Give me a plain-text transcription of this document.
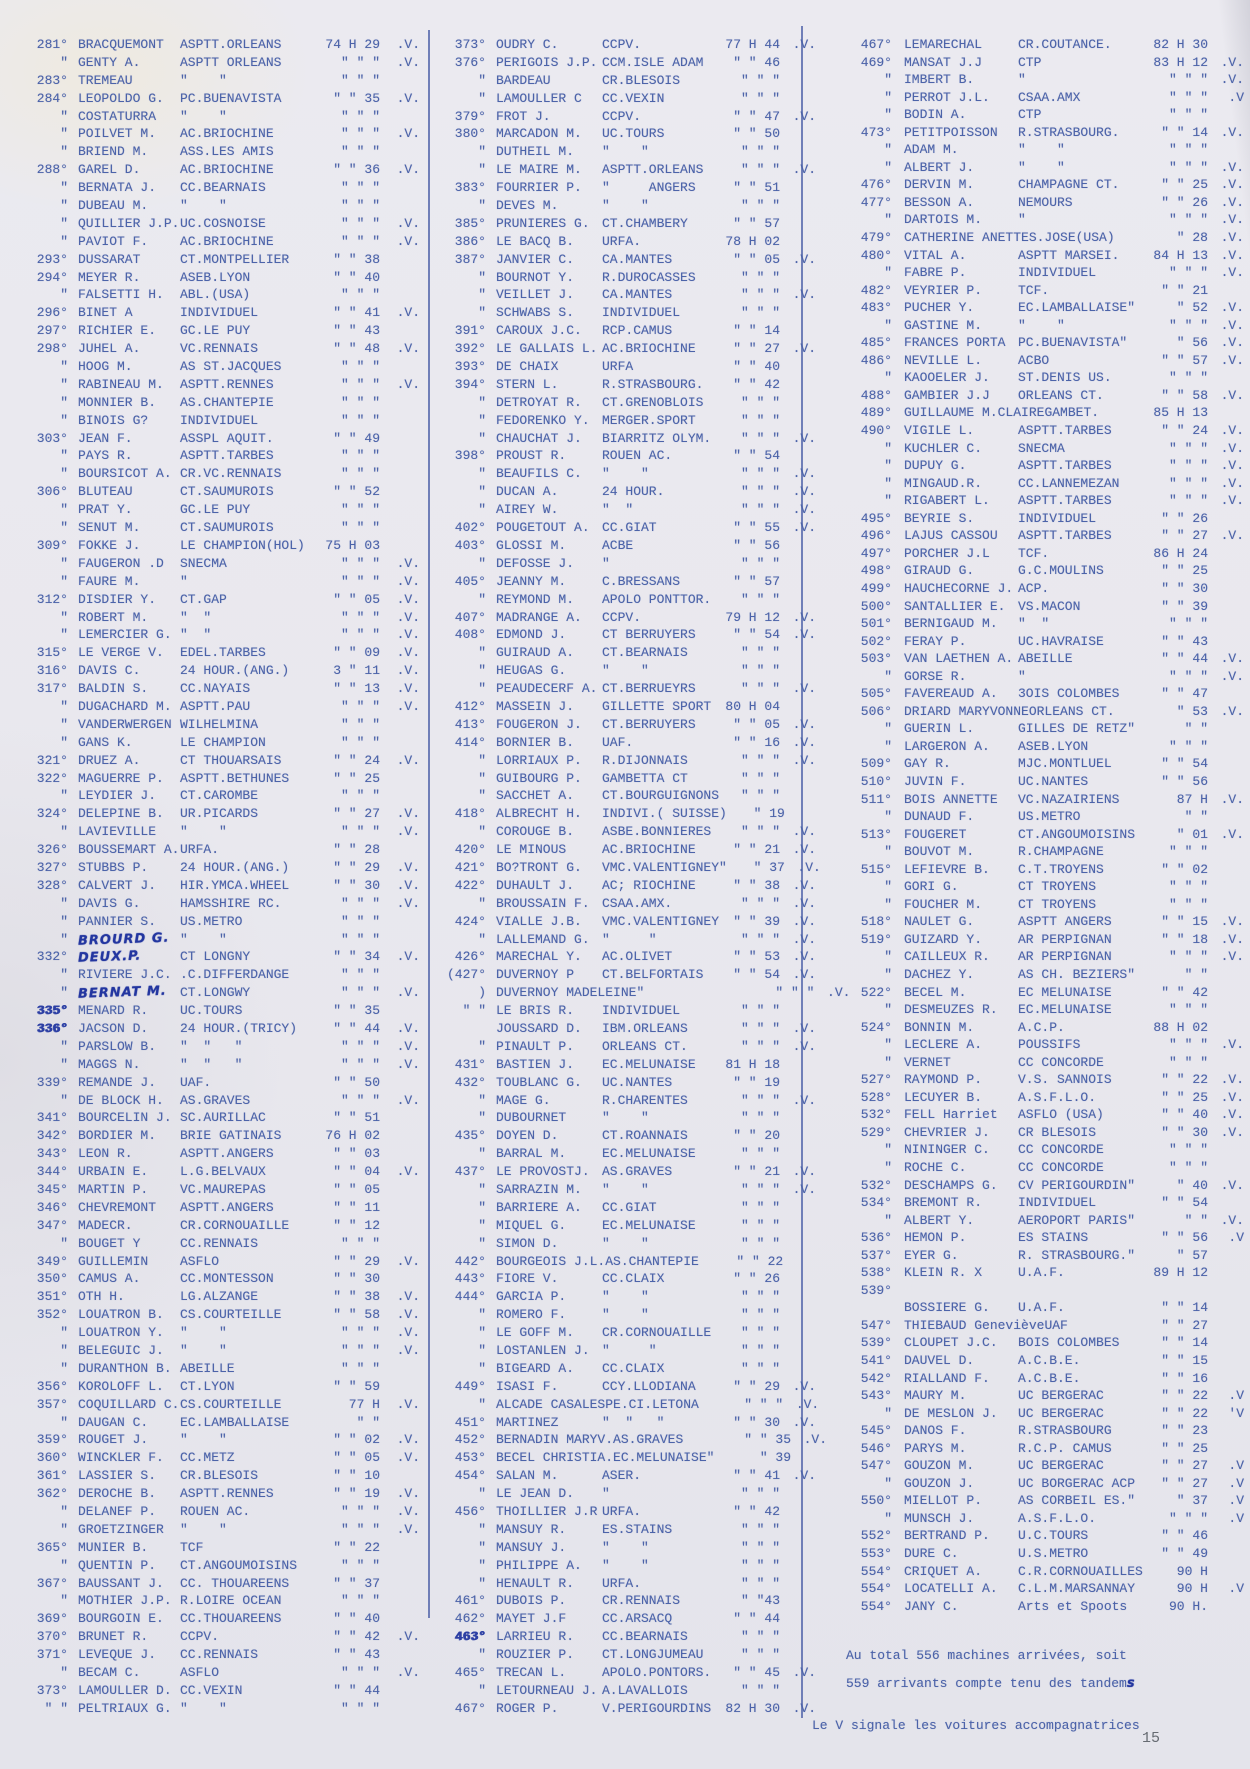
281° BRACQUEMONT	ASPTT.ORLEANS	74 H 29	.V.
" GENTY A.	ASPTT ORLEANS	" " "	.V.
283° TREMEAU	"    "	" " "
284° LEOPOLDO G.	PC.BUENAVISTA	" " 35	.V.
" COSTATURRA	"    "	" " "
" POILVET M.	AC.BRIOCHINE	" " "	.V.
" BRIEND M.	ASS.LES AMIS	" " "
288° GAREL D.	AC.BRIOCHINE	" " 36	.V.
" BERNATA J.	CC.BEARNAIS	" " "
" DUBEAU M.	"    "	" " "
" QUILLIER J.P. UC.COSNOISE	" " "	.V.
" PAVIOT F.	AC.BRIOCHINE	" " "	.V.
293° DUSSARAT	CT.MONTPELLIER	" " 38
294° MEYER R.	ASEB.LYON	" " 40
" FALSETTI H.	ABL.(USA)	" " "
296° BINET A	INDIVIDUEL	" " 41	.V.
297° RICHIER E.	GC.LE PUY	" " 43
298° JUHEL A.	VC.RENNAIS	" " 48	.V.
" HOOG M.	AS ST.JACQUES	" " "
" RABINEAU M.	ASPTT.RENNES	" " "	.V.
" MONNIER B.	AS.CHANTEPIE	" " "
" BINOIS G?	INDIVIDUEL	" " "
303° JEAN F.	ASSPL AQUIT.	" " 49
" PAYS R.	ASPTT.TARBES	" " "
" BOURSICOT A. CR.VC.RENNAIS	" " "
306° BLUTEAU	CT.SAUMUROIS	" " 52
" PRAT Y.	GC.LE PUY	" " "
" SENUT M.	CT.SAUMUROIS	" " "
309° FOKKE J.	LE CHAMPION(HOL)	75 H 03
" FAUGERON .D	SNECMA	" " "	.V.
" FAURE M.	"	" " "	.V.
312° DISDIER Y.	CT.GAP	" " 05	.V.
" ROBERT M.	"  "	" " "	.V.
" LEMERCIER G. "  "	" " "	.V.
315° LE VERGE V.	EDEL.TARBES	" " 09	.V.
316° DAVIS C.	24 HOUR.(ANG.)	3 " 11	.V.
317° BALDIN S.	CC.NAYAIS	" " 13	.V.
" DUGACHARD M. ASPTT.PAU	" " "	.V.
" VANDERWERGEN WILHELMINA	" " "
" GANS K.	LE CHAMPION	" " "
321° DRUEZ A.	CT THOUARSAIS	" " 24	.V.
322° MAGUERRE P.	ASPTT.BETHUNES	" " 25
" LEYDIER J.	CT.CAROMBE	" " "
324° DELEPINE B.	UR.PICARDS	" " 27	.V.
" LAVIEVILLE	"    "	" " "	.V.
326° BOUSSEMART A. URFA.	" " 28
327° STUBBS P.	24 HOUR.(ANG.)	" " 29	.V.
328° CALVERT J.	HIR.YMCA.WHEEL	" " 30	.V.
" DAVIS G.	HAMSSHIRE RC.	" " "	.V.
" PANNIER S.	US.METRO	" " "
" BROURD G. "    "	" " "
332° DEUX.P.	CT LONGNY	" " 34	.V.
" RIVIERE J.C. .C.DIFFERDANGE	" " "
" BERNAT M.	CT.LONGWY	" " "	.V.
335° MENARD R.	UC.TOURS	" " 35
336° JACSON D.	24 HOUR.(TRICY)	" " 44	.V.
" PARSLOW B.	"  "   "	" " "	.V.
" MAGGS N.	"  "   "	" " "	.V.
339° REMANDE J.	UAF.	" " 50
" DE BLOCK H.	AS.GRAVES	" " "	.V.
341° BOURCELIN J. SC.AURILLAC	" " 51
342° BORDIER M.	BRIE GATINAIS	76 H 02
343° LEON R.	ASPTT.ANGERS	" " 03
344° URBAIN E.	L.G.BELVAUX	" " 04	.V.
345° MARTIN P.	VC.MAUREPAS	" " 05
346° CHEVREMONT	ASPTT.ANGERS	" " 11
347° MADECR.	CR.CORNOUAILLE	" " 12
" BOUGET Y	CC.RENNAIS	" " "
349° GUILLEMIN	ASFLO	" " 29	.V.
350° CAMUS A.	CC.MONTESSON	" " 30
351° OTH H.	LG.ALZANGE	" " 38	.V.
352° LOUATRON B.	CS.COURTEILLE	" " 58	.V.
" LOUATRON Y.	"    "	" " "	.V.
" BELEGUIC J.	"    "	" " "	.V.
" DURANTHON B. ABEILLE	" " "
356° KOROLOFF L.	CT.LYON	" " 59
357° COQUILLARD C. CS.COURTEILLE	77 H	.V.
" DAUGAN C.	EC.LAMBALLAISE	" "
359° ROUGET J.	"    "	" " 02	.V.
360° WINCKLER F.	CC.METZ	" " 05	.V.
361° LASSIER S.	CR.BLESOIS	" " 10
362° DEROCHE B.	ASPTT.RENNES	" " 19	.V.
" DELANEF P.	ROUEN AC.	" " "	.V.
" GROETZINGER	"    "	" " "	.V.
365° MUNIER B.	TCF	" " 22
" QUENTIN P.	CT.ANGOUMOISINS	" " "
367° BAUSSANT J.	CC. THOUAREENS	" " 37
" MOTHIER J.P. R.LOIRE OCEAN	" " "
369° BOURGOIN E.	CC.THOUAREENS	" " 40
370° BRUNET R.	CCPV.	" " 42	.V.
371° LEVEQUE J.	CC.RENNAIS	" " 43
" BECAM C.	ASFLO	" " "	.V.
373° LAMOULLER D. CC.VEXIN	" " 44
" " PELTRIAUX G. "    "	" " "
373° OUDRY C.	CCPV.	77 H 44 .V.
376° PERIGOIS J.P. CCM.ISLE ADAM	" " 46
" BARDEAU	CR.BLESOIS	" " "
" LAMOULLER C	CC.VEXIN	" " "
379° FROT J.	CCPV.	" " 47 .V.
380° MARCADON M.	UC.TOURS	" " 50
" DUTHEIL M.	"    "	" " "
" LE MAIRE M.	ASPTT.ORLEANS	" " " .V.
383° FOURRIER P.	"     ANGERS	" " 51
" DEVES M.	"    "	" " "
385° PRUNIERES G. CT.CHAMBERY	" " 57
386° LE BACQ B.	URFA.	78 H 02
387° JANVIER C.	CA.MANTES	" " 05 .V.
" BOURNOT Y.	R.DUROCASSES	" " "
" VEILLET J.	CA.MANTES	" " " .V.
" SCHWABS S.	INDIVIDUEL	" " "
391° CAROUX J.C.	RCP.CAMUS	" " 14
392° LE GALLAIS L. AC.BRIOCHINE	" " 27 .V.
393° DE CHAIX	URFA	" " 40
394° STERN L.	R.STRASBOURG.	" " 42
" DETROYAT R.	CT.GRENOBLOIS	" " "
" FEDORENKO Y. MERGER.SPORT	" " "
" CHAUCHAT J.	BIARRITZ OLYM.	" " " .V.
398° PROUST R.	ROUEN AC.	" " 54
" BEAUFILS C.	"    "	" " " .V.
" DUCAN A.	24 HOUR.	" " " .V.
" AIREY W.	"  "	" " " .V.
402° POUGETOUT A. CC.GIAT	" " 55 .V.
403° GLOSSI M.	ACBE	" " 56
" DEFOSSE J.	"	" " "
405° JEANNY M.	C.BRESSANS	" " 57
" REYMOND M.	APOLO PONTTOR.	" " "
407° MADRANGE A.	CCPV.	79 H 12 .V.
408° EDMOND J.	CT BERRUYERS	" " 54 .V.
" GUIRAUD A.	CT.BEARNAIS	" " "
" HEUGAS G.	"    "	" " "
" PEAUDECERF A. CT.BERRUEYRS	" " " .V.
412° MASSEIN J.	GILLETTE SPORT	80 H 04
413° FOUGERON J.	CT.BERRUYERS	" " 05 .V.
414° BORNIER B.	UAF.	" " 16 .V.
" LORRIAUX P.	R.DIJONNAIS	" " " .V.
" GUIBOURG P.	GAMBETTA CT	" " "
" SACCHET A.	CT.BOURGUIGNONS	" " "
418° ALBRECHT H.	INDIVI.( SUISSE)	" 19
" COROUGE B.	ASBE.BONNIERES	" " " .V.
420° LE MINOUS	AC.BRIOCHINE	" " 21 .V.
421° BO?TRONT G.	VMC.VALENTIGNEY"	" 37 .V.
422° DUHAULT J.	AC; RIOCHINE	" " 38 .V.
" BROUSSAIN F. CSAA.AMX.	" " " .V.
424° VIALLE J.B.	VMC.VALENTIGNEY	" " 39 .V.
" LALLEMAND G. "     "	" " " .V.
426° MARECHAL Y.	AC.OLIVET	" " 53 .V.
(427° DUVERNOY P	CT.BELFORTAIS	" " 54 .V.
) DUVERNOY MADELEINE "	" " " .V.
" " LE BRIS R.	INDIVIDUEL	" " "
JOUSSARD D.	IBM.ORLEANS	" " " .V.
" PINAULT P.	ORLEANS CT.	" " " .V.
431° BASTIEN J.	EC.MELUNAISE	81 H 18
432° TOUBLANC G.	UC.NANTES	" " 19
" MAGE G.	R.CHARENTES	" " " .V.
" DUBOURNET	"    "	" " "
435° DOYEN D.	CT.ROANNAIS	" " 20
" BARRAL M.	EC.MELUNAISE	" " "
437° LE PROVOSTJ. AS.GRAVES	" " 21 .V.
" SARRAZIN M.	"    "	" " " .V.
" BARRIERE A.	CC.GIAT	" " "
" MIQUEL G.	EC.MELUNAISE	" " "
" SIMON D.	"    "	" " "
442° BOURGEOIS J.L. AS.CHANTEPIE	" " 22
443° FIORE V.	CC.CLAIX	" " 26
444° GARCIA P.	"    "	" " "
" ROMERO F.	"    "	" " "
" LE GOFF M.	CR.CORNOUAILLE	" " "
" LOSTANLEN J. "     "	" " "
" BIGEARD A.	CC.CLAIX	" " "
449° ISASI F.	CCY.LLODIANA	" " 29 .V.
" ALCADE CASALES PE.CI.LETONA	" " " .V.
451° MARTINEZ	"  "   "	" " 30 .V.
452° BERNADIN MARYV. AS.GRAVES	" " 35 .V.
453° BECEL CHRISTIA. EC.MELUNAISE"	" 39
454° SALAN M.	ASER.	" " 41 .V.
" LE JEAN D.	"	" " "
456° THOILLIER J.R URFA.	" " 42
" MANSUY R.	ES.STAINS	" " "
" MANSUY J.	"    "	" " "
" PHILIPPE A.	"    "	" " "
" HENAULT R.	URFA.	" " "
461° DUBOIS P.	CR.RENNAIS	" "43
462° MAYET J.F	CC.ARSACQ	" " 44
463° LARRIEU R.	CC.BEARNAIS	" " "
" ROUZIER P.	CT.LONGJUMEAU	" " "
465° TRECAN L.	APOLO.PONTORS.	" " 45 .V.
" LETOURNEAU J. A.LAVALLOIS	" " "
467° ROGER P.	V.PERIGOURDINS	82 H 30 .V.
467° LEMARECHAL	CR.COUTANCE.	82 H 30
469° MANSAT J.J	CTP	83 H 12 .V.
" IMBERT B.	"	" " " .V.
" PERROT J.L.	CSAA.AMX	" " "	.V
" BODIN A.	CTP	" " "
473° PETITPOISSON	R.STRASBOURG.	" " 14 .V.
" ADAM M.	"    "	" " "
" ALBERT J.	"    "	" " " .V.
476° DERVIN M.	CHAMPAGNE CT.	" " 25 .V.
477° BESSON A.	NEMOURS	" " 26 .V.
" DARTOIS M.	"	" " " .V.
479° CATHERINE ANETTE S.JOSE(USA)	" 28 .V.
480° VITAL A.	ASPTT MARSEI.	84 H 13 .V.
" FABRE P.	INDIVIDUEL	" " " .V.
482° VEYRIER P.	TCF.	" " 21
483° PUCHER Y.	EC.LAMBALLAISE"	" 52 .V.
" GASTINE M.	"    "	" " " .V.
485° FRANCES PORTA PC.BUENAVISTA"	" 56 .V.
486° NEVILLE L.	ACBO	" " 57 .V.
" KAOOELER J.	ST.DENIS US.	" " "
488° GAMBIER J.J	ORLEANS CT.	" " 58 .V.
489° GUILLAUME M.CLAIRE GAMBET.	85 H 13
490° VIGILE L.	ASPTT.TARBES	" " 24 .V.
" KUCHLER C.	SNECMA	" " " .V.
" DUPUY G.	ASPTT.TARBES	" " " .V.
" MINGAUD.R.	CC.LANNEMEZAN	" " " .V.
" RIGABERT L.	ASPTT.TARBES	" " " .V.
495° BEYRIE S.	INDIVIDUEL	" " 26
496° LAJUS CASSOU	ASPTT.TARBES	" " 27 .V.
497° PORCHER J.L	TCF.	86 H 24
498° GIRAUD G.	G.C.MOULINS	" " 25
499° HAUCHECORNE J. ACP.	" " 30
500° SANTALLIER E. VS.MACON	" " 39
501° BERNIGAUD M.	"  "	" " "
502° FERAY P.	UC.HAVRAISE	" " 43
503° VAN LAETHEN A. ABEILLE	" " 44 .V.
" GORSE R.	"	" " " .V.
505° FAVEREAUD A.	3OIS COLOMBES	" " 47
506° DRIARD MARYVONNE ORLEANS CT.	" 53 .V.
" GUERIN L.	GILLES DE RETZ"	" "
" LARGERON A.	ASEB.LYON	" " "
509° GAY R.	MJC.MONTLUEL	" " 54
510° JUVIN F.	UC.NANTES	" " 56
511° BOIS ANNETTE	VC.NAZAIRIENS	87 H .V.
" DUNAUD F.	US.METRO	" "
513° FOUGERET	CT.ANGOUMOISINS	" 01 .V.
" BOUVOT M.	R.CHAMPAGNE	" " "
515° LEFIEVRE B.	C.T.TROYENS	" " 02
" GORI G.	CT TROYENS	" " "
" FOUCHER M.	CT TROYENS	" " "
518° NAULET G.	ASPTT ANGERS	" " 15 .V.
519° GUIZARD Y.	AR PERPIGNAN	" " 18 .V.
" CAILLEUX R.	AR PERPIGNAN	" " " .V.
" DACHEZ Y.	AS CH. BEZIERS"	" "
522° BECEL M.	EC MELUNAISE	" " 42
" DESMEUZES R.	EC.MELUNAISE	" " "
524° BONNIN M.	A.C.P.	88 H 02
" LECLERE A.	POUSSIFS	" " " .V.
" VERNET	CC CONCORDE	" " "
527° RAYMOND P.	V.S. SANNOIS	" " 22 .V.
528° LECUYER B.	A.S.F.L.O.	" " 25 .V.
532° FELL Harriet	ASFLO (USA)	" " 40 .V.
529° CHEVRIER J.	CR BLESOIS	" " 30 .V.
" NININGER C.	CC CONCORDE	" " "
" ROCHE C.	CC CONCORDE	" " "
532° DESCHAMPS G.	CV PERIGOURDIN"	" 40 .V.
534° BREMONT R.	INDIVIDUEL	" " 54
" ALBERT Y.	AEROPORT PARIS"	" " .V.
536° HEMON P.	ES STAINS	" " 56	.V
537° EYER G.	R. STRASBOURG."	" 57
538° KLEIN R. X	U.A.F.	89 H 12
539°
BOSSIERE G.	U.A.F.	" " 14
547° THIEBAUD Geneviève UAF	" " 27
539° CLOUPET J.C.	BOIS COLOMBES	" " 14
541° DAUVEL D.	A.C.B.E.	" " 15
542° RIALLAND F.	A.C.B.E.	" " 16
543° MAURY M.	UC BERGERAC	" " 22	.V
" DE MESLON J.	UC BERGERAC	" " 22	'V
545° DANOS F.	R.STRASBOURG	" " 23
546° PARYS M.	R.C.P. CAMUS	" " 25
547° GOUZON M.	UC BERGERAC	" " 27	.V
" GOUZON J.	UC BORGERAC ACP	" " 27	.V
550° MIELLOT P.	AS CORBEIL ES."	" 37	.V
" MUNSCH J.	A.S.F.L.O.	" " "	.V
552° BERTRAND P.	U.C.TOURS	" " 46
553° DURE C.	U.S.METRO	" " 49
554° CRIQUET A.	C.R.CORNOUAILLES	90 H
554° LOCATELLI A.	C.L.M.MARSANNAY	90 H	.V
554° JANY C.	Arts et Spoots	90 H.
Au total 556 machines arrivées, soit
559 arrivants compte tenu des tandems
Le V signale les voitures accompagnatrices
15
